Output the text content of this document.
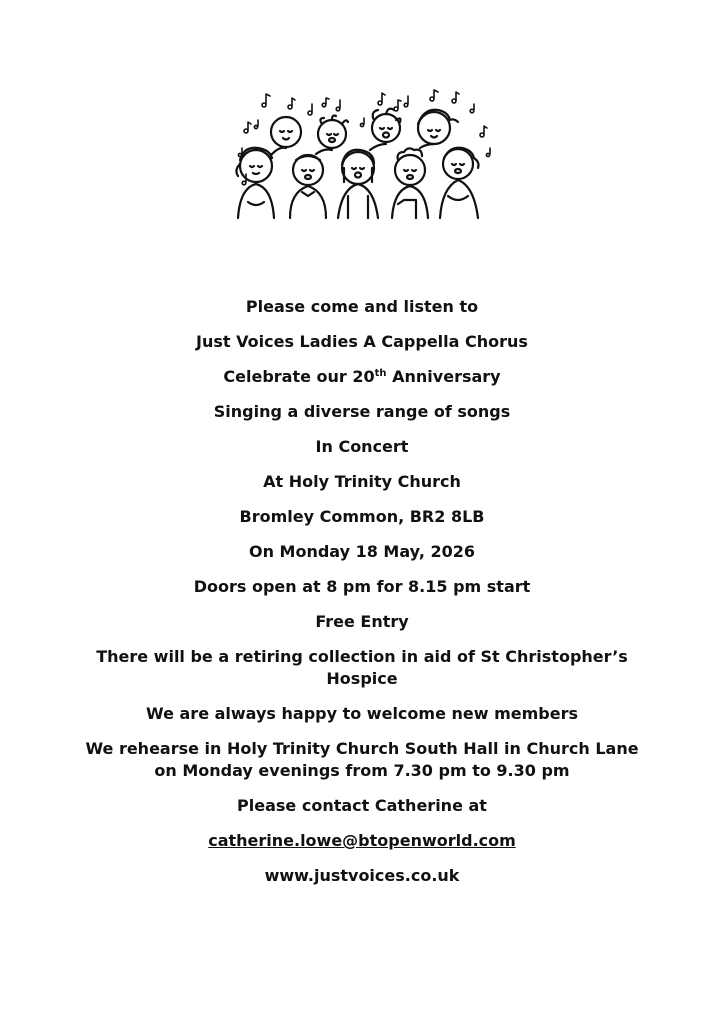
Please come and listen to
Just Voices Ladies A Cappella Chorus
Celebrate our 20th Anniversary
Singing a diverse range of songs
In Concert
At Holy Trinity Church
Bromley Common, BR2 8LB
On Monday 18 May, 2026
Doors open at 8 pm for 8.15 pm start
Free Entry
There will be a retiring collection in aid of St Christopher’s Hospice
We are always happy to welcome new members
We rehearse in Holy Trinity Church South Hall in Church Lane on Monday evenings from 7.30 pm to 9.30 pm
Please contact Catherine at
catherine.lowe@btopenworld.com
www.justvoices.co.uk
